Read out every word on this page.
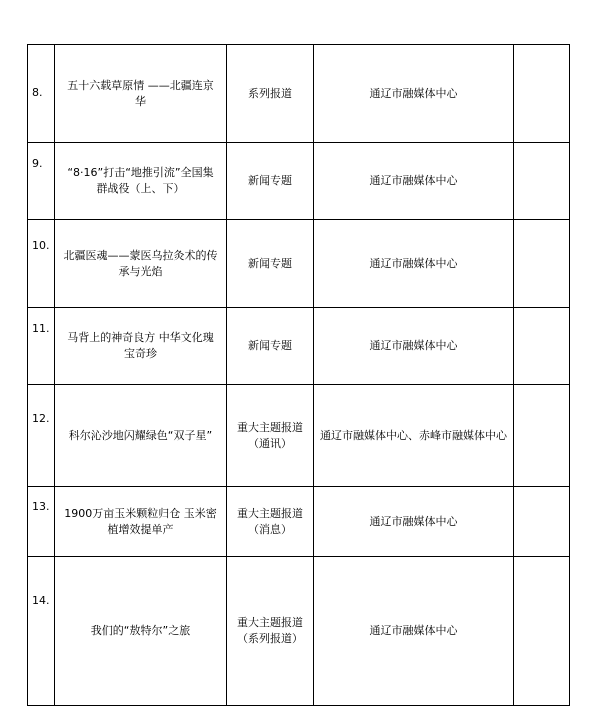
8.	五十六载草原情 ——北疆连京华	系列报道	通辽市融媒体中心	

9.	“8·16”打击“地推引流”全国集群战役（上、下）	新闻专题	通辽市融媒体中心	

10.	北疆医魂——蒙医乌拉灸术的传承与光焰	新闻专题	通辽市融媒体中心	

11.	马背上的神奇良方 中华文化瑰宝奇珍	新闻专题	通辽市融媒体中心	

12.	科尔沁沙地闪耀绿色“双子星”	重大主题报道（通讯）	通辽市融媒体中心、赤峰市融媒体中心	

13.	1900万亩玉米颗粒归仓 玉米密植增效提单产	重大主题报道（消息）	通辽市融媒体中心	

14.	我们的“敖特尔”之旅	重大主题报道（系列报道）	通辽市融媒体中心	
